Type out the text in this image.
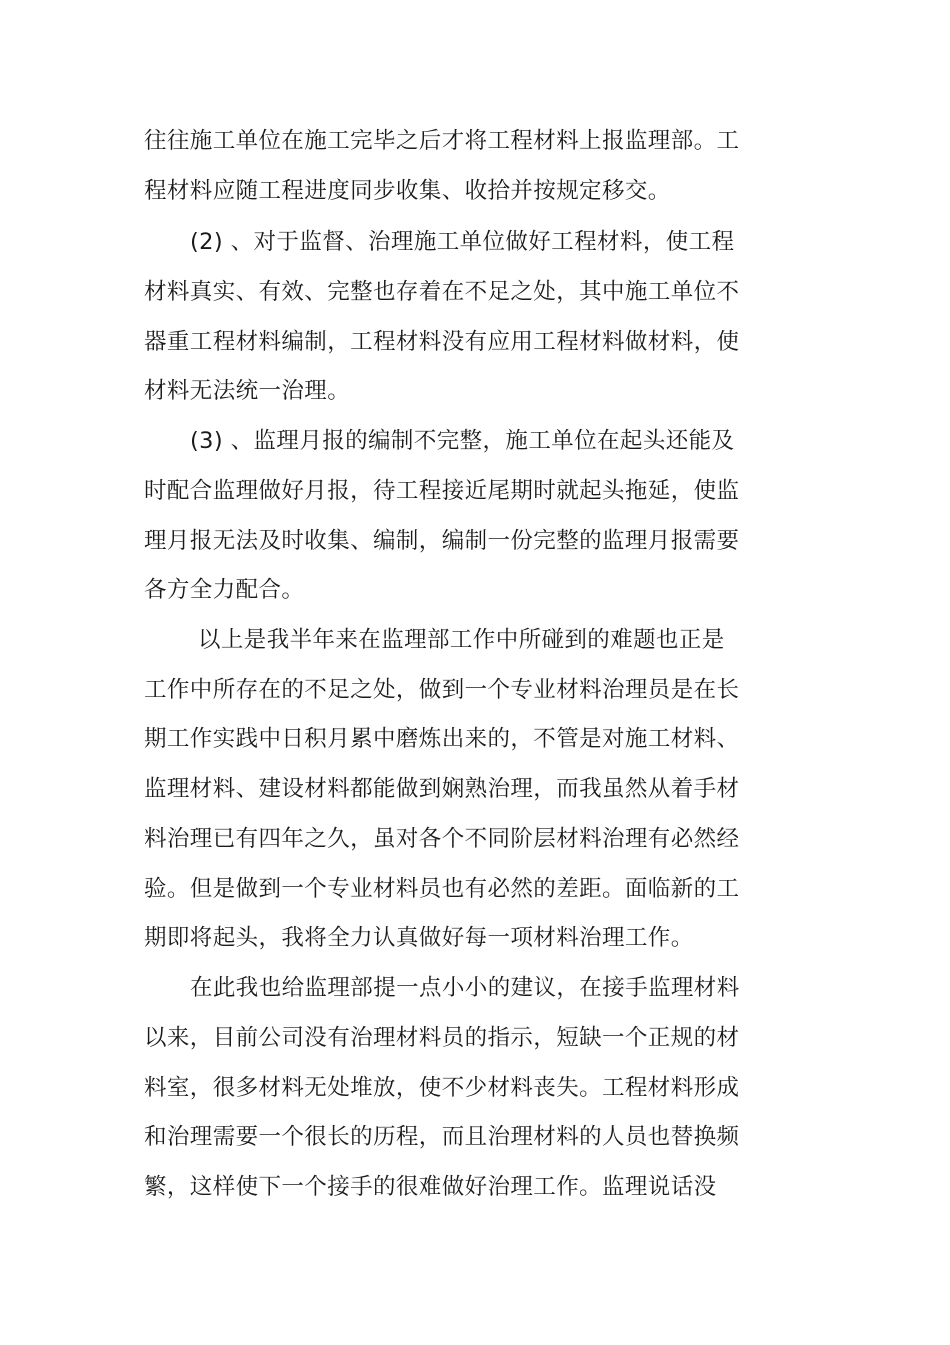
往往施工单位在施工完毕之后才将工程材料上报监理部。工
程材料应随工程进度同步收集、收拾并按规定移交。
(2) 、对于监督、治理施工单位做好工程材料，使工程
材料真实、有效、完整也存着在不足之处，其中施工单位不
器重工程材料编制，工程材料没有应用工程材料做材料，使
材料无法统一治理。
(3) 、监理月报的编制不完整，施工单位在起头还能及
时配合监理做好月报，待工程接近尾期时就起头拖延，使监
理月报无法及时收集、编制，编制一份完整的监理月报需要
各方全力配合。
以上是我半年来在监理部工作中所碰到的难题也正是
工作中所存在的不足之处，做到一个专业材料治理员是在长
期工作实践中日积月累中磨炼出来的，不管是对施工材料、
监理材料、建设材料都能做到娴熟治理，而我虽然从着手材
料治理已有四年之久，虽对各个不同阶层材料治理有必然经
验。但是做到一个专业材料员也有必然的差距。面临新的工
期即将起头，我将全力认真做好每一项材料治理工作。
在此我也给监理部提一点小小的建议，在接手监理材料
以来，目前公司没有治理材料员的指示，短缺一个正规的材
料室，很多材料无处堆放，使不少材料丧失。工程材料形成
和治理需要一个很长的历程，而且治理材料的人员也替换频
繁，这样使下一个接手的很难做好治理工作。监理说话没
